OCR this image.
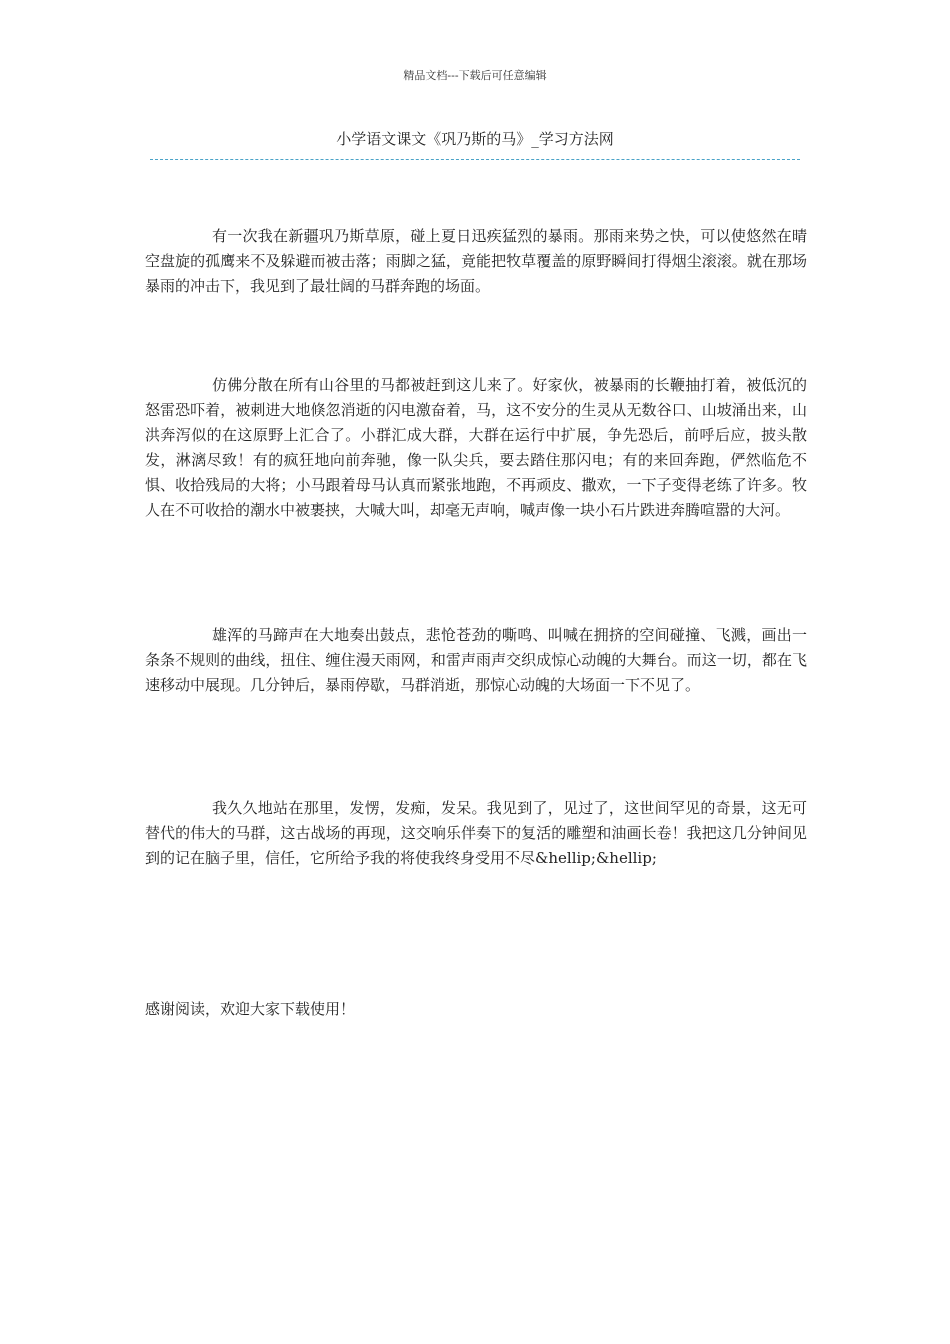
精品文档---下载后可任意编辑
小学语文课文《巩乃斯的马》_学习方法网

有一次我在新疆巩乃斯草原，碰上夏日迅疾猛烈的暴雨。那雨来势之快，可以使悠然在晴空盘旋的孤鹰来不及躲避而被击落；雨脚之猛，竟能把牧草覆盖的原野瞬间打得烟尘滚滚。就在那场暴雨的冲击下，我见到了最壮阔的马群奔跑的场面。

仿佛分散在所有山谷里的马都被赶到这儿来了。好家伙，被暴雨的长鞭抽打着，被低沉的怒雷恐吓着，被刺进大地倏忽消逝的闪电激奋着，马，这不安分的生灵从无数谷口、山坡涌出来，山洪奔泻似的在这原野上汇合了。小群汇成大群，大群在运行中扩展，争先恐后，前呼后应，披头散发，淋漓尽致！有的疯狂地向前奔驰，像一队尖兵，要去踏住那闪电；有的来回奔跑，俨然临危不惧、收拾残局的大将；小马跟着母马认真而紧张地跑，不再顽皮、撒欢，一下子变得老练了许多。牧人在不可收拾的潮水中被裹挟，大喊大叫，却毫无声响，喊声像一块小石片跌进奔腾喧嚣的大河。

雄浑的马蹄声在大地奏出鼓点，悲怆苍劲的嘶鸣、叫喊在拥挤的空间碰撞、飞溅，画出一条条不规则的曲线，扭住、缠住漫天雨网，和雷声雨声交织成惊心动魄的大舞台。而这一切，都在飞速移动中展现。几分钟后，暴雨停歇，马群消逝，那惊心动魄的大场面一下不见了。

我久久地站在那里，发愣，发痴，发呆。我见到了，见过了，这世间罕见的奇景，这无可替代的伟大的马群，这古战场的再现，这交响乐伴奏下的复活的雕塑和油画长卷！我把这几分钟间见到的记在脑子里，信任，它所给予我的将使我终身受用不尽&hellip;&hellip;

感谢阅读，欢迎大家下载使用！
